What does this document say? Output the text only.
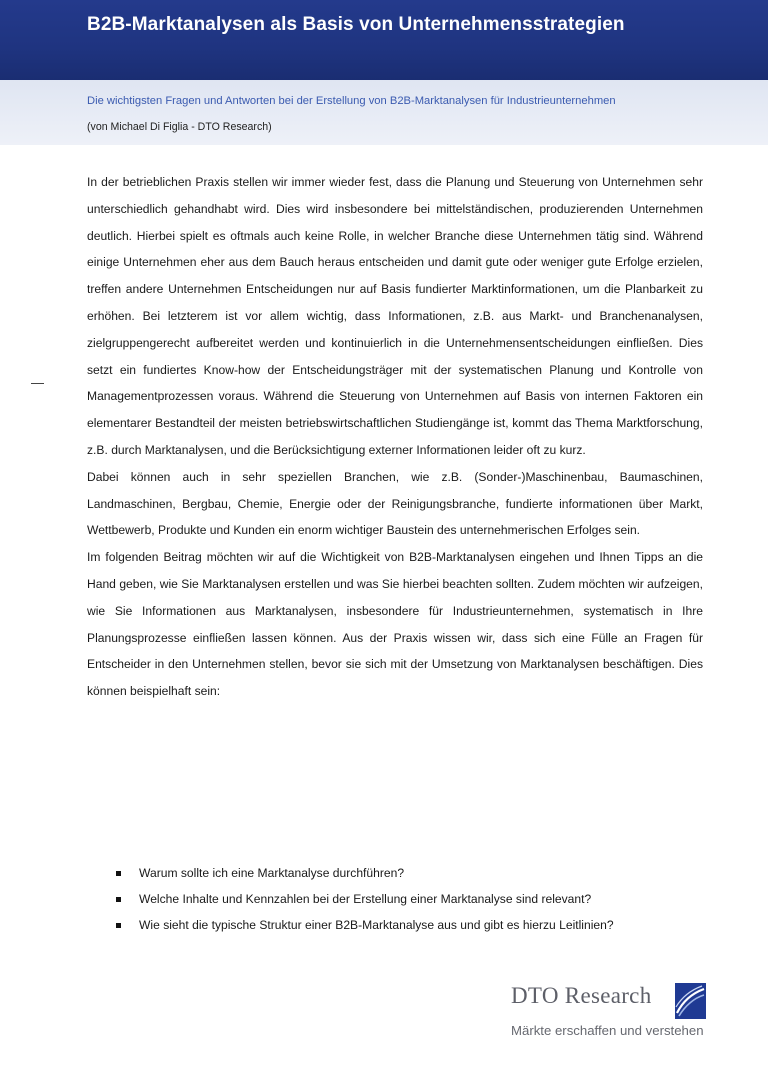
B2B-Marktanalysen als Basis von Unternehmensstrategien
Die wichtigsten Fragen und Antworten bei der Erstellung von B2B-Marktanalysen für Industrieunternehmen
(von Michael Di Figlia - DTO Research)

In der betrieblichen Praxis stellen wir immer wieder fest, dass die Planung und Steuerung von Unternehmen sehr unterschiedlich gehandhabt wird. Dies wird insbesondere bei mittelständischen, produzierenden Unternehmen deutlich. Hierbei spielt es oftmals auch keine Rolle, in welcher Branche diese Unternehmen tätig sind. Während einige Unternehmen eher aus dem Bauch heraus entscheiden und damit gute oder weniger gute Erfolge erzielen, treffen andere Unternehmen Entscheidungen nur auf Basis fundierter Marktinformationen, um die Planbarkeit zu erhöhen. Bei letzterem ist vor allem wichtig, dass Informationen, z.B. aus Markt- und Branchenanalysen, zielgruppengerecht aufbereitet werden und kontinuierlich in die Unternehmensentscheidungen einfließen. Dies setzt ein fundiertes Know-how der Entscheidungsträger mit der systematischen Planung und Kontrolle von Managementprozessen voraus. Während die Steuerung von Unternehmen auf Basis von internen Faktoren ein elementarer Bestandteil der meisten betriebswirtschaftlichen Studiengänge ist, kommt das Thema Marktforschung, z.B. durch Marktanalysen, und die Berücksichtigung externer Informationen leider oft zu kurz.

Dabei können auch in sehr speziellen Branchen, wie z.B. (Sonder-)Maschinenbau, Baumaschinen, Landmaschinen, Bergbau, Chemie, Energie oder der Reinigungsbranche, fundierte informationen über Markt, Wettbewerb, Produkte und Kunden ein enorm wichtiger Baustein des unternehmerischen Erfolges sein.

Im folgenden Beitrag möchten wir auf die Wichtigkeit von B2B-Marktanalysen eingehen und Ihnen Tipps an die Hand geben, wie Sie Marktanalysen erstellen und was Sie hierbei beachten sollten. Zudem möchten wir aufzeigen, wie Sie Informationen aus Marktanalysen, insbesondere für Industrieunternehmen, systematisch in Ihre Planungsprozesse einfließen lassen können. Aus der Praxis wissen wir, dass sich eine Fülle an Fragen für Entscheider in den Unternehmen stellen, bevor sie sich mit der Umsetzung von Marktanalysen beschäftigen. Dies können beispielhaft sein:

Warum sollte ich eine Marktanalyse durchführen?
Welche Inhalte und Kennzahlen bei der Erstellung einer Marktanalyse sind relevant?
Wie sieht die typische Struktur einer B2B-Marktanalyse aus und gibt es hierzu Leitlinien?
DTO Research
Märkte erschaffen und verstehen
